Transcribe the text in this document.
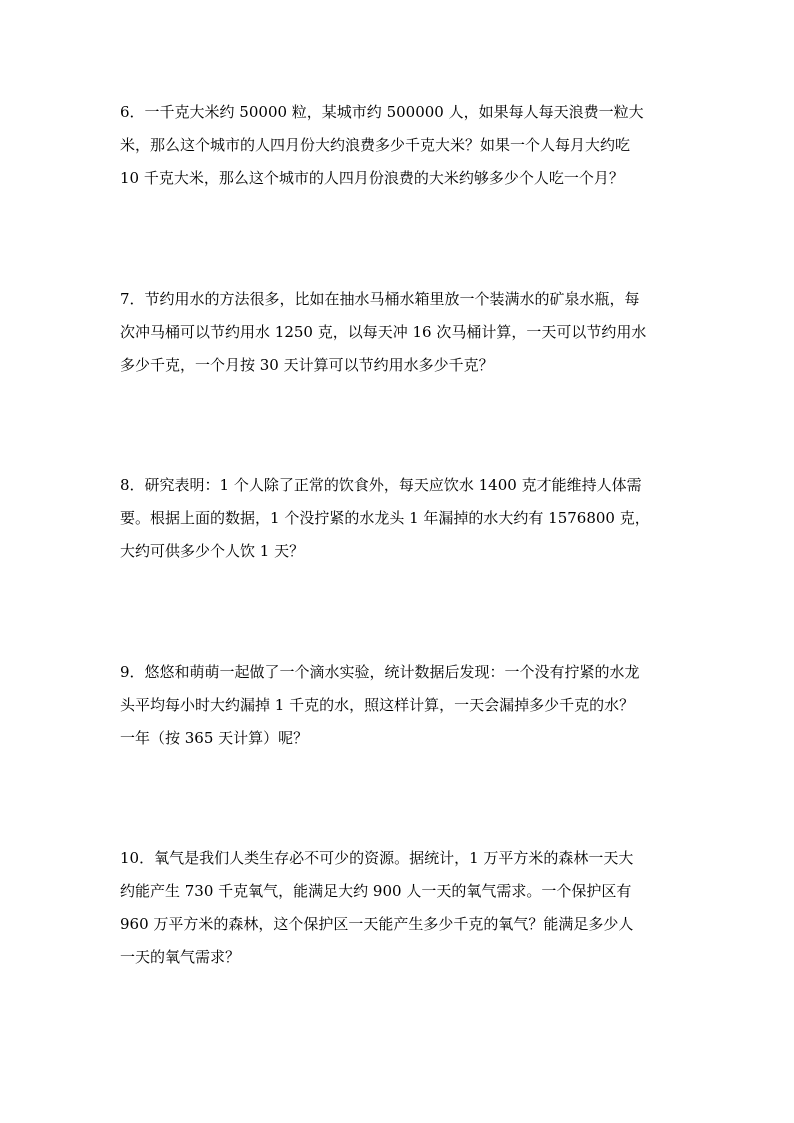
6．一千克大米约 50000 粒，某城市约 500000 人，如果每人每天浪费一粒大

米，那么这个城市的人四月份大约浪费多少千克大米？如果一个人每月大约吃

10 千克大米，那么这个城市的人四月份浪费的大米约够多少个人吃一个月？

7．节约用水的方法很多，比如在抽水马桶水箱里放一个装满水的矿泉水瓶，每

次冲马桶可以节约用水 1250 克，以每天冲 16 次马桶计算，一天可以节约用水

多少千克，一个月按 30 天计算可以节约用水多少千克？

8．研究表明：1 个人除了正常的饮食外，每天应饮水 1400 克才能维持人体需

要。根据上面的数据，1 个没拧紧的水龙头 1 年漏掉的水大约有 1576800 克，

大约可供多少个人饮 1 天？

9．悠悠和萌萌一起做了一个滴水实验，统计数据后发现：一个没有拧紧的水龙

头平均每小时大约漏掉 1 千克的水，照这样计算，一天会漏掉多少千克的水？

一年（按 365 天计算）呢？

10．氧气是我们人类生存必不可少的资源。据统计，1 万平方米的森林一天大

约能产生 730 千克氧气，能满足大约 900 人一天的氧气需求。一个保护区有

960 万平方米的森林，这个保护区一天能产生多少千克的氧气？能满足多少人

一天的氧气需求？
